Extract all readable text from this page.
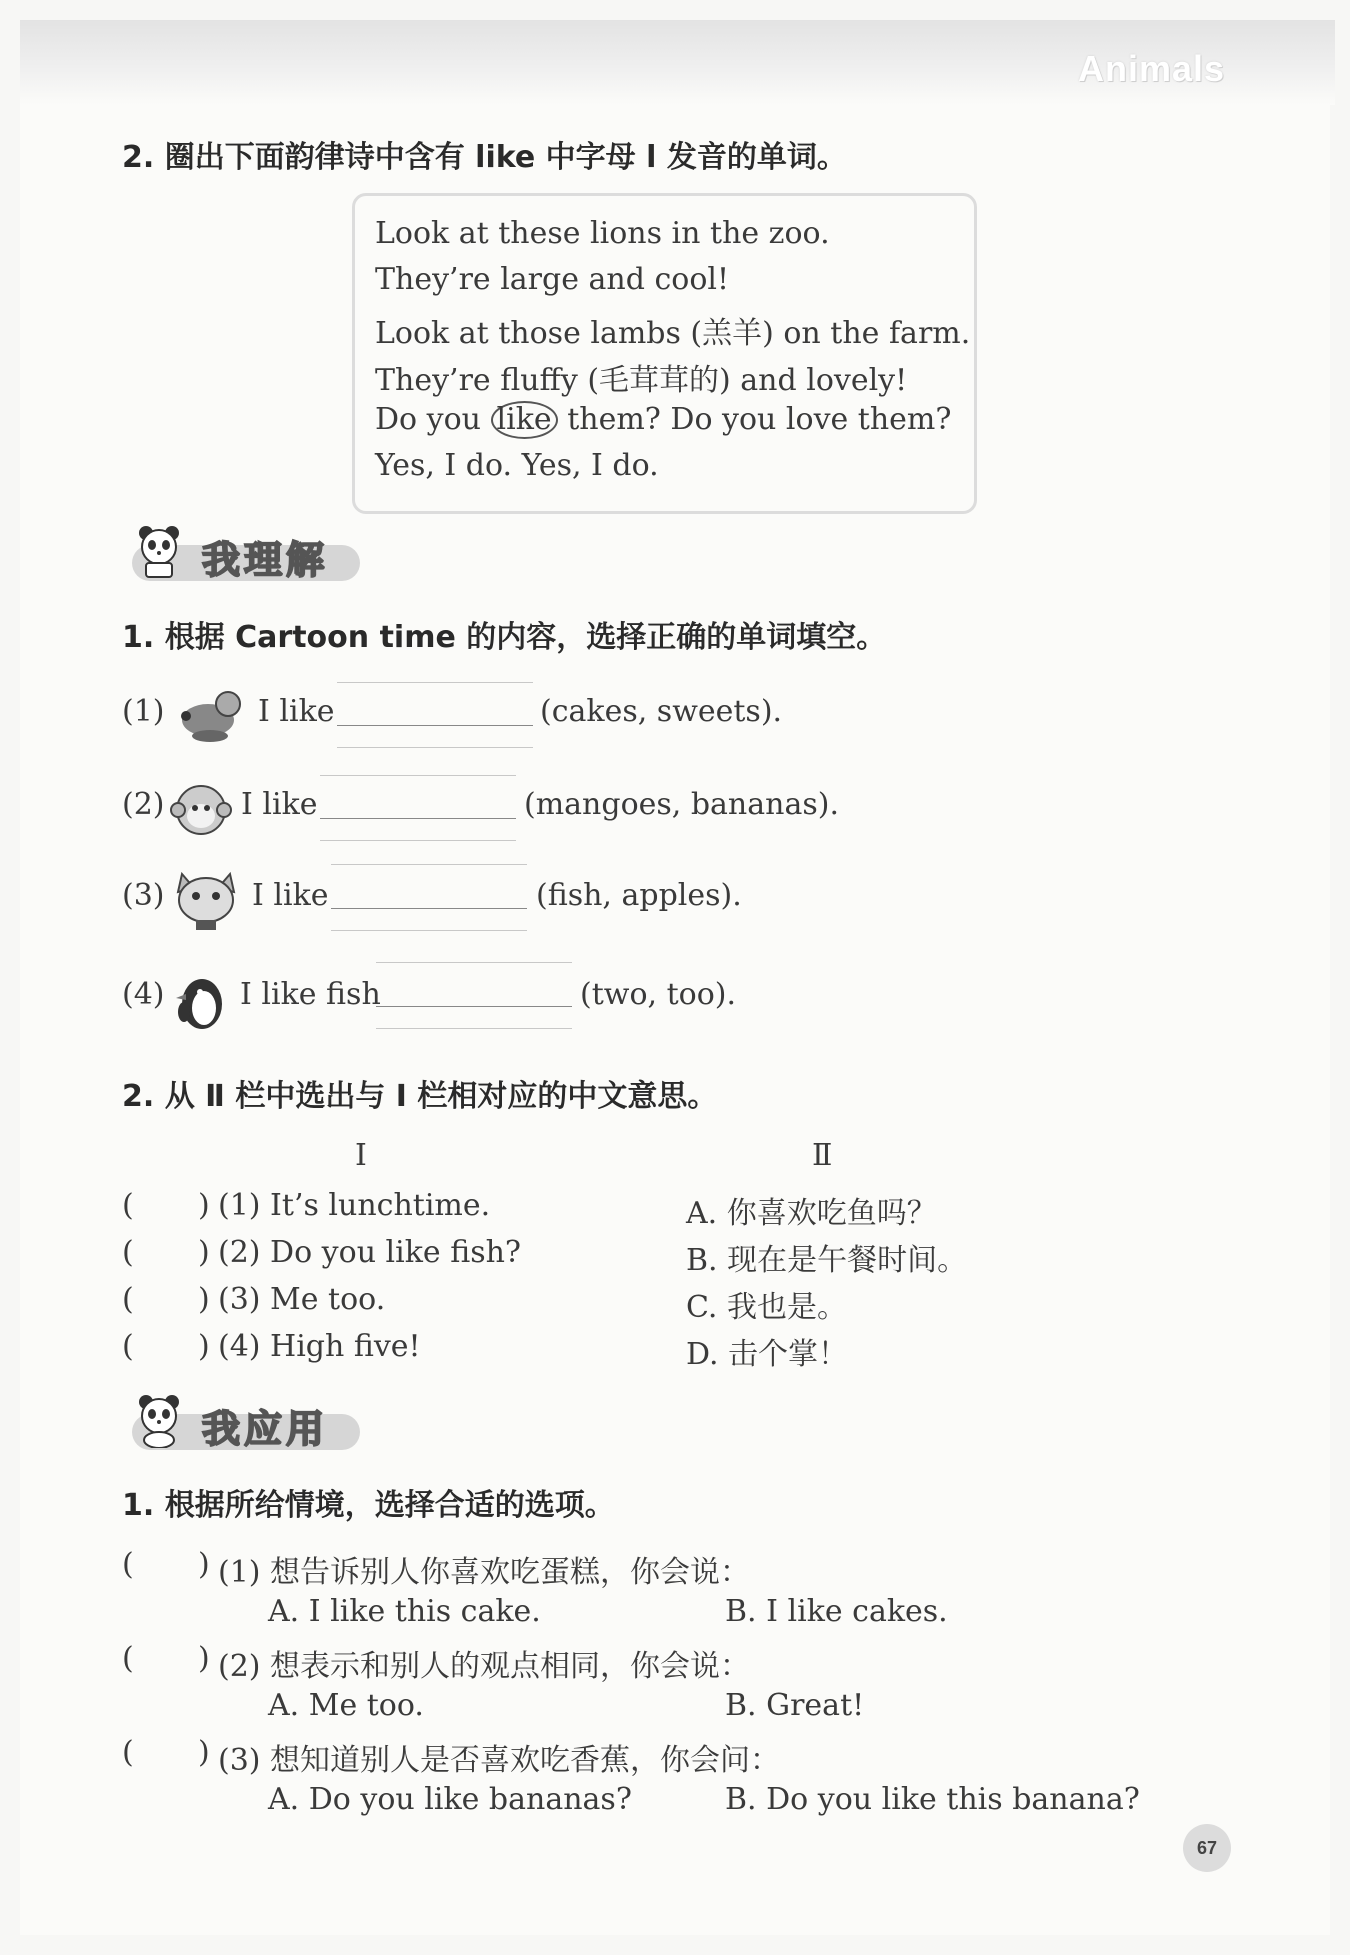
Animals
2. 圈出下面韵律诗中含有 like 中字母 l 发音的单词。
Look at these lions in the zoo.
They’re large and cool!
Look at those lambs (羔羊) on the farm.
They’re fluffy (毛茸茸的) and lovely!
Do you like them? Do you love them?
Yes, I do. Yes, I do.
我理解
1. 根据 Cartoon time 的内容，选择正确的单词填空。
(1)	I like	(cakes, sweets).
(2)	I like	(mangoes, bananas).
(3)	I like	(fish, apples).
(4)	I like fish	(two, too).
2. 从 Ⅱ 栏中选出与 Ⅰ 栏相对应的中文意思。
Ⅰ	Ⅱ
( ) (1) It’s lunchtime.	A. 你喜欢吃鱼吗？
( ) (2) Do you like fish?	B. 现在是午餐时间。
( ) (3) Me too.	C. 我也是。
( ) (4) High five!	D. 击个掌！
我应用
1. 根据所给情境，选择合适的选项。
( ) (1) 想告诉别人你喜欢吃蛋糕，你会说：
A. I like this cake.	B. I like cakes.
( ) (2) 想表示和别人的观点相同，你会说：
A. Me too.	B. Great!
( ) (3) 想知道别人是否喜欢吃香蕉，你会问：
A. Do you like bananas?	B. Do you like this banana?
67
